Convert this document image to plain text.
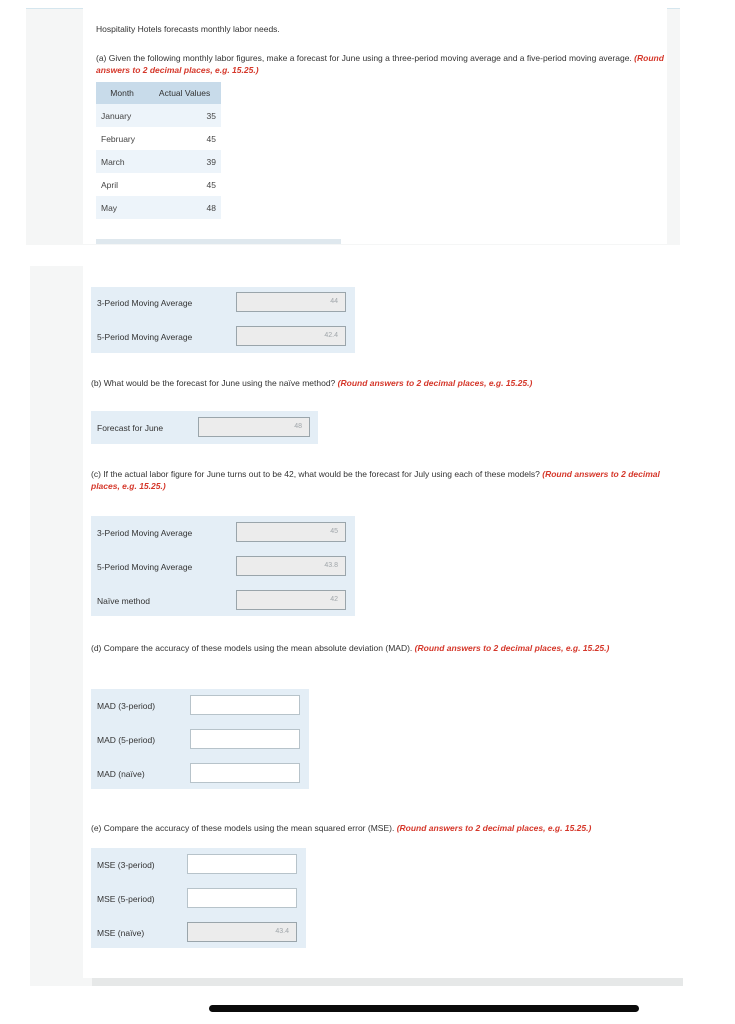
Hospitality Hotels forecasts monthly labor needs.
(a) Given the following monthly labor figures, make a forecast for June using a three-period moving average and a five-period moving average. (Round answers to 2 decimal places, e.g. 15.25.)
Month	Actual Values
January	35
February	45
March	39
April	45
May	48
3-Period Moving Average	44
5-Period Moving Average	42.4
(b) What would be the forecast for June using the naïve method? (Round answers to 2 decimal places, e.g. 15.25.)
Forecast for June	48
(c) If the actual labor figure for June turns out to be 42, what would be the forecast for July using each of these models? (Round answers to 2 decimal places, e.g. 15.25.)
3-Period Moving Average	45
5-Period Moving Average	43.8
Naïve method	42
(d) Compare the accuracy of these models using the mean absolute deviation (MAD). (Round answers to 2 decimal places, e.g. 15.25.)
MAD (3-period)
MAD (5-period)
MAD (naïve)
(e) Compare the accuracy of these models using the mean squared error (MSE). (Round answers to 2 decimal places, e.g. 15.25.)
MSE (3-period)
MSE (5-period)
MSE (naïve)	43.4
